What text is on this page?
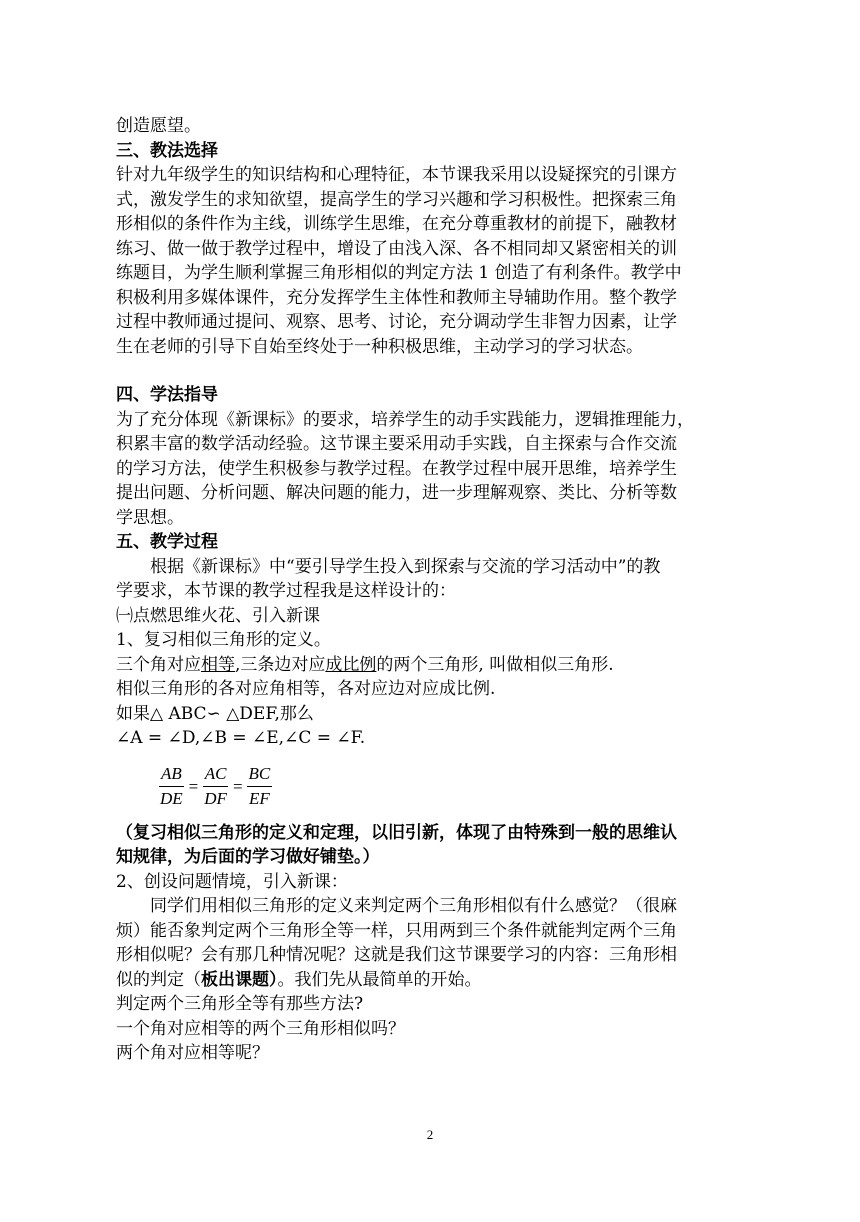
创造愿望。
三、教法选择
针对九年级学生的知识结构和心理特征，本节课我采用以设疑探究的引课方
式，激发学生的求知欲望，提高学生的学习兴趣和学习积极性。把探索三角
形相似的条件作为主线，训练学生思维，在充分尊重教材的前提下，融教材
练习、做一做于教学过程中，增设了由浅入深、各不相同却又紧密相关的训
练题目，为学生顺利掌握三角形相似的判定方法 1 创造了有利条件。教学中
积极利用多媒体课件，充分发挥学生主体性和教师主导辅助作用。整个教学
过程中教师通过提问、观察、思考、讨论，充分调动学生非智力因素，让学
生在老师的引导下自始至终处于一种积极思维，主动学习的学习状态。
四、学法指导
为了充分体现《新课标》的要求，培养学生的动手实践能力，逻辑推理能力，
积累丰富的数学活动经验。这节课主要采用动手实践，自主探索与合作交流
的学习方法，使学生积极参与教学过程。在教学过程中展开思维，培养学生
提出问题、分析问题、解决问题的能力，进一步理解观察、类比、分析等数
学思想。
五、教学过程
根据《新课标》中“要引导学生投入到探索与交流的学习活动中”的教
学要求，本节课的教学过程我是这样设计的：
㈠点燃思维火花、引入新课
1、复习相似三角形的定义。
三个角对应相等,三条边对应成比例的两个三角形, 叫做相似三角形.
相似三角形的各对应角相等，各对应边对应成比例.
如果△ ABC∽ △DEF,那么
∠A = ∠D,∠B = ∠E,∠C = ∠F.
$\frac{AB}{DE} = \frac{AC}{DF} = \frac{BC}{EF}$
（复习相似三角形的定义和定理，以旧引新，体现了由特殊到一般的思维认
知规律，为后面的学习做好铺垫。）
2、创设问题情境，引入新课：
同学们用相似三角形的定义来判定两个三角形相似有什么感觉？（很麻
烦）能否象判定两个三角形全等一样，只用两到三个条件就能判定两个三角
形相似呢？会有那几种情况呢？这就是我们这节课要学习的内容：三角形相
似的判定（板出课题）。我们先从最简单的开始。
判定两个三角形全等有那些方法?
一个角对应相等的两个三角形相似吗？
两个角对应相等呢？
2
